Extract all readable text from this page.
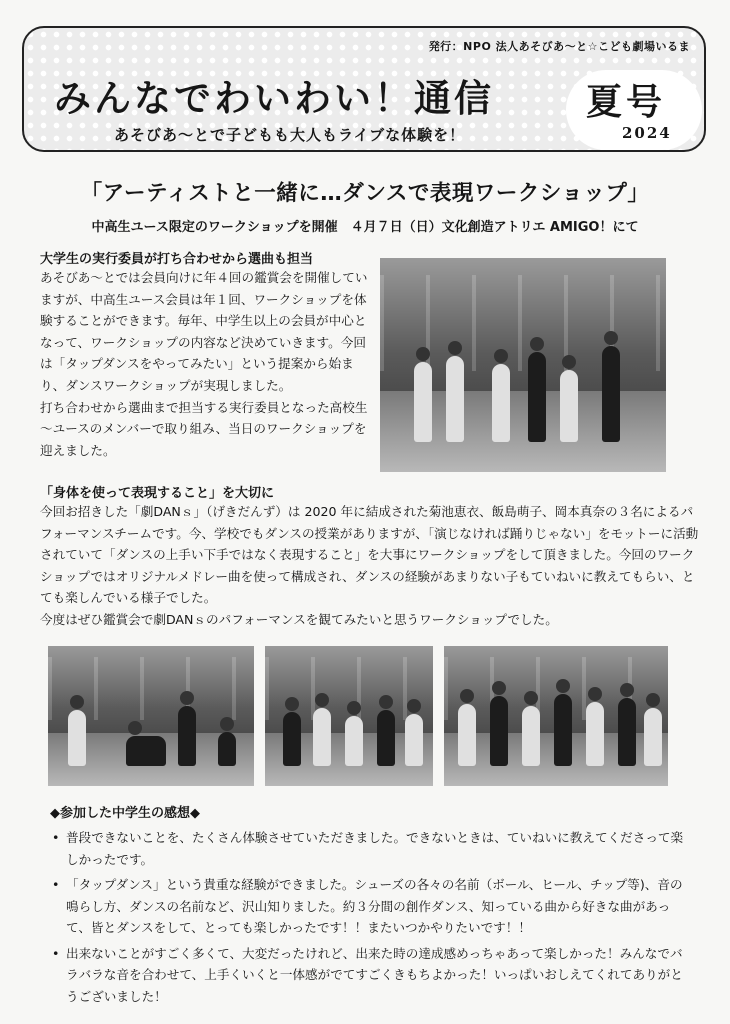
発行：NPO 法人あそびあ～と☆こども劇場いるま
みんなでわいわい！通信	夏号
2024
あそびあ～とで子どもも大人もライブな体験を！
「アーティストと一緒に…ダンスで表現ワークショップ」
中高生ユース限定のワークショップを開催　４月７日（日）文化創造アトリエ AMIGO！にて
大学生の実行委員が打ち合わせから選曲も担当
あそびあ～とでは会員向けに年４回の鑑賞会を開催していますが、中高生ユース会員は年１回、ワークショップを体験することができます。毎年、中学生以上の会員が中心となって、ワークショップの内容など決めていきます。今回は「タップダンスをやってみたい」という提案から始まり、ダンスワークショップが実現しました。
打ち合わせから選曲まで担当する実行委員となった高校生～ユースのメンバーで取り組み、当日のワークショップを迎えました。
「身体を使って表現すること」を大切に
今回お招きした「劇DANｓ」（げきだんず）は 2020 年に結成された菊池恵衣、飯島萌子、岡本真奈の３名によるパフォーマンスチームです。今、学校でもダンスの授業がありますが、「演じなければ踊りじゃない」をモットーに活動されていて「ダンスの上手い下手ではなく表現すること」を大事にワークショップをして頂きました。今回のワークショップではオリジナルメドレー曲を使って構成され、ダンスの経験があまりない子もていねいに教えてもらい、とても楽しんでいる様子でした。
今度はぜひ鑑賞会で劇DANｓのパフォーマンスを観てみたいと思うワークショップでした。
◆参加した中学生の感想◆
• 普段できないことを、たくさん体験させていただきました。できないときは、ていねいに教えてくださって楽しかったです。
• 「タップダンス」という貴重な経験ができました。シューズの各々の名前（ボール、ヒール、チップ等)、音の鳴らし方、ダンスの名前など、沢山知りました。約３分間の創作ダンス、知っている曲から好きな曲があって、皆とダンスをして、とっても楽しかったです！！またいつかやりたいです！！
• 出来ないことがすごく多くて、大変だったけれど、出来た時の達成感めっちゃあって楽しかった！みんなでバラバラな音を合わせて、上手くいくと一体感がでてすごくきもちよかった！いっぱいおしえてくれてありがとうございました！
